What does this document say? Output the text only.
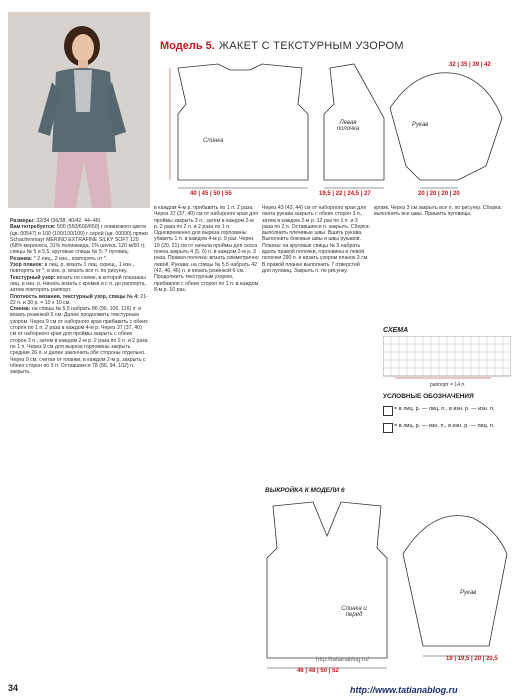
Модель 5. ЖАКЕТ С ТЕКСТУРНЫМ УЗОРОМ
32 | 35 | 39 | 42
Спинка
Левая полочка
Рукав
40 | 45 | 50 | 55	19,5 | 22 | 24,5 | 27	20 | 20 | 20 | 20
Размеры: 32/34 (36/38, 40/42, 44–46)
Вам потребуется: 500 (550/600/650) г оливкового цвета (цв. 00547) и 100 (100/100/100) г серой (цв. 00090) пряжи Schachenmayr MERINO EXTRAFINE SILKY SOFT 120 (68% мериноса, 31% полиамида, 1% шелка, 120 м/50 г); спицы № 5 и 5,5; круговые спицы № 5; 7 пуговиц.
Резинка: * 2 лиц., 2 изн., повторять от *.
Узор планок: в лиц. р. вязать 1 лиц. скрещ., 1 изн., повторять от *, в изн. р. вязать все п. по рисунку.
Текстурный узор: вязать по схеме, в которой показаны лиц. и изн. р. Начать вязать с кромки и с п. до раппорта, затем повторять раппорт.
Плотность вязания, текстурный узор, спицы № 4: 21-22 п. и 30 р. = 10 х 10 см.
Спинка: на спицы № 5,5 набрать 86 (96, 106, 116) п. и вязать резинкой 6 см. Далее продолжить текстурным узором. Через 9 см от наборного края прибавить с обеих сторон по 1 п. 2 раза в каждом 4-м р. Через 37 (37, 40) см от наборного края для проймы закрыть с обеих сторон 3 п., затем в каждом 2-м р. 2 раза по 2 п. и 2 раза по 1 п. Через 9 см для выреза горловины закрыть средние 26 п. и далее закончить обе стороны отдельно.
Через 9 см, считая от планки, в каждом 2-м р. закрыть с обеих сторон по 3 п. Оставшиеся 78 (86, 94, 102) п. закрыть.
в каждом 4-м р. прибавить по 1 п. 2 раза. Через 37 (37, 40) см от наборного края для проймы закрыть 3 п., затем в каждом 2-м р. 2 раза по 2 п. и 2 раза по 1 п. Одновременно для выреза горловины убавить 1 п. в каждом 4-м р. 9 раз. Через 19 (20, 21) см от начала проймы для скоса плеча закрыть 4 (5, 6) п. в каждом 2-м р. 3 раза. Правая полочка: вязать симметрично левой. Рукава: на спицы № 5,5 набрать 42 (42, 46, 46) п. и вязать резинкой 6 см. Продолжить текстурным узором, прибавляя с обеих сторон по 1 п. в каждом 8-м р. 10 раз.
Через 43 (43, 44) см от наборного края для оката рукава закрыть с обеих сторон 3 п., затем в каждом 2-м р. 12 раз по 1 п. и 3 раза по 2 п. Оставшиеся п. закрыть. Сборка: выполнить плечевые швы. Вшить рукава. Выполнить боковые швы и швы рукавов. Планка: на круговые спицы № 5 набрать вдоль правой полочки, горловины и левой полочки 290 п. и вязать узором планок 3 см. В правой планке выполнить 7 отверстий для пуговиц. Закрыть п. по рисунку.
кромк. Через 3 см закрыть все п. по рисунку. Сборка: выполнить все швы. Пришить пуговицы.
СХЕМА
раппорт = 14 п.
УСЛОВНЫЕ ОБОЗНАЧЕНИЯ
= в лиц. р. — лиц. п., в изн. р. — изн. п.
= в лиц. р. — изн. п., в изн. р. — лиц. п.
ВЫКРОЙКА К МОДЕЛИ 6
Спинка и перед
Рукав
46 | 48 | 50 | 52
19 | 19,5 | 20 | 20,5
34
http://tatianablog.ru/
http://www.tatianablog.ru
